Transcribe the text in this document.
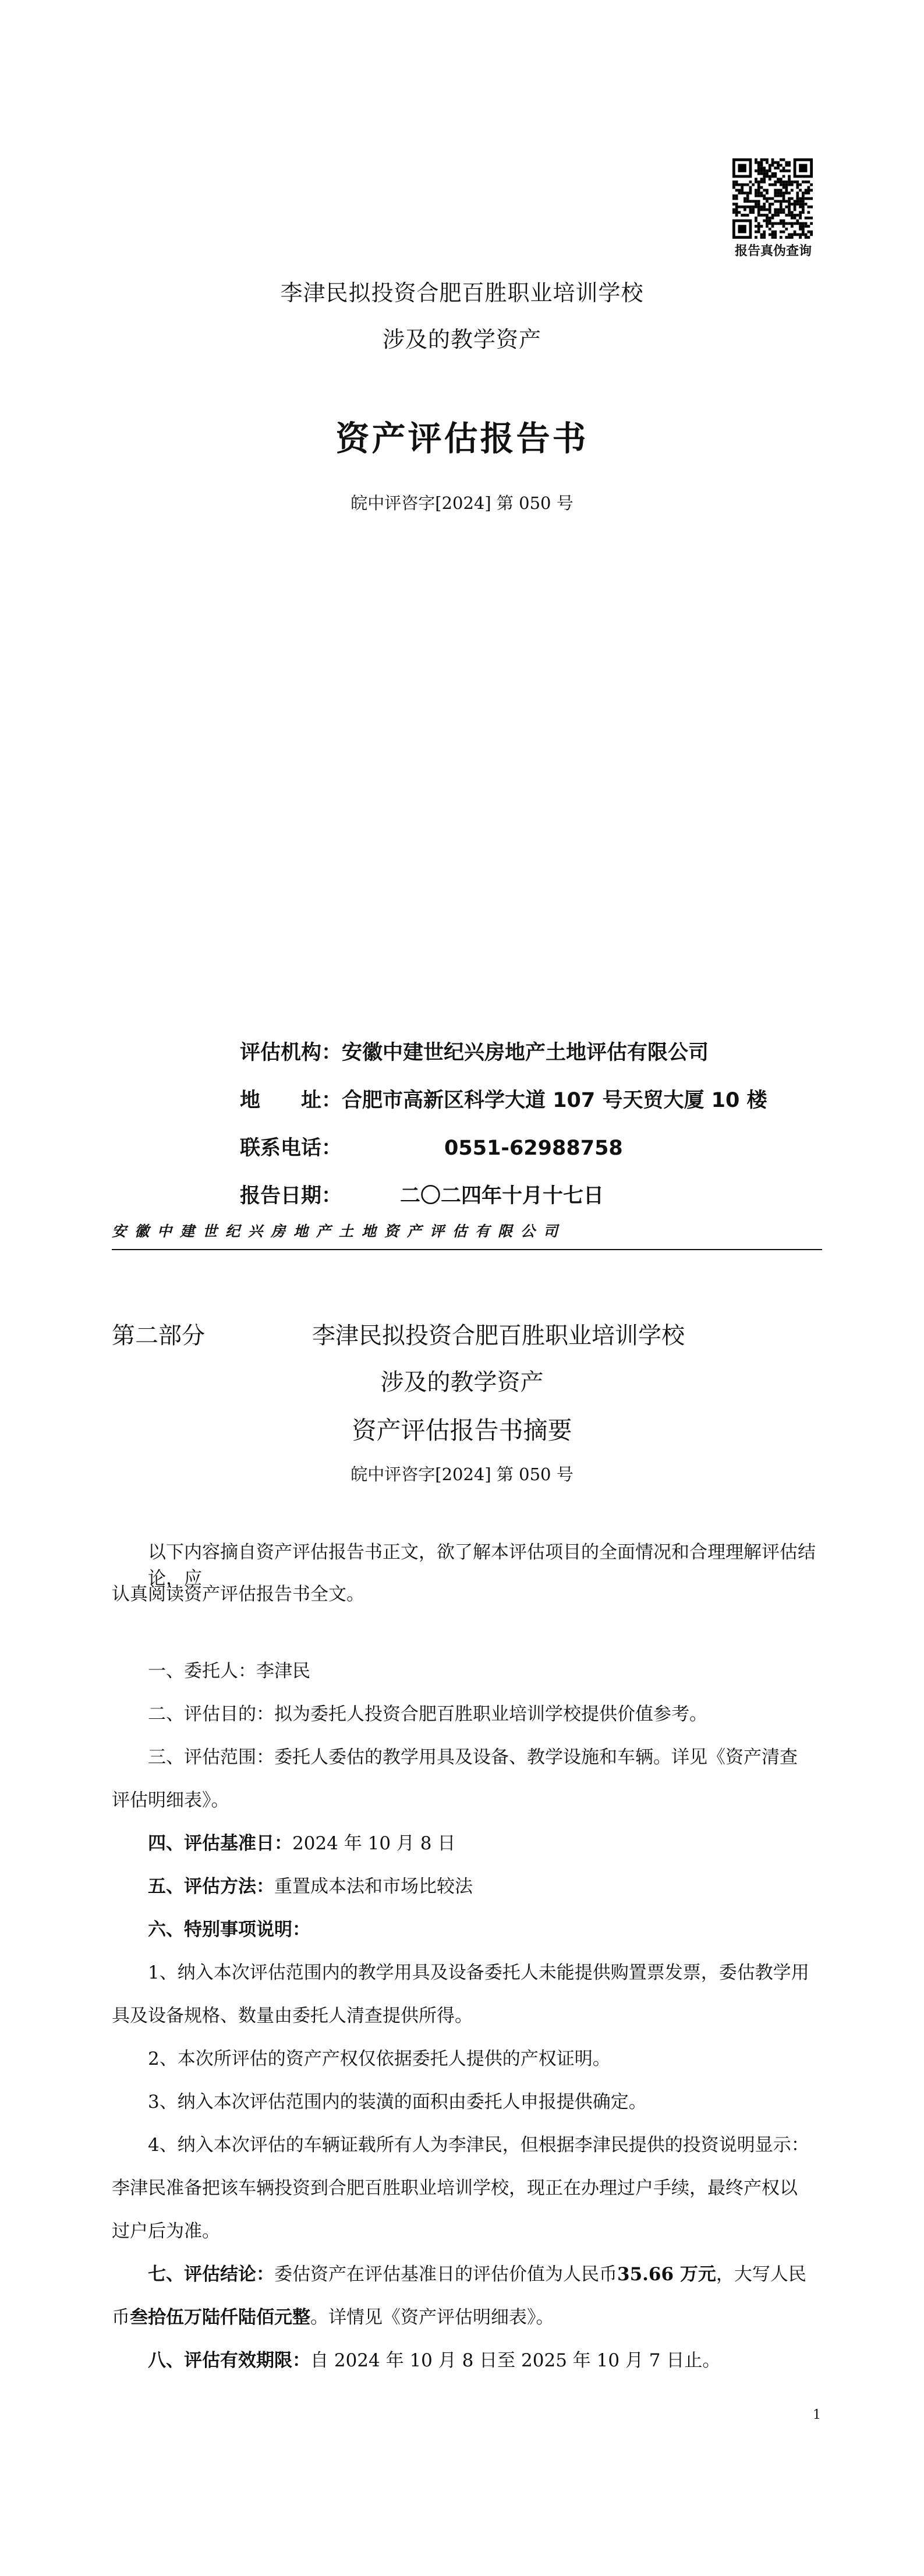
报告真伪查询
李津民拟投资合肥百胜职业培训学校
涉及的教学资产
资产评估报告书
皖中评咨字[2024] 第 050 号
评估机构：安徽中建世纪兴房地产土地评估有限公司
地　　址：合肥市高新区科学大道 107 号天贸大厦 10 楼
联系电话：	0551-62988758
报告日期：	二〇二四年十月十七日
安徽中建世纪兴房地产土地资产评估有限公司
第二部分	李津民拟投资合肥百胜职业培训学校
涉及的教学资产
资产评估报告书摘要
皖中评咨字[2024] 第 050 号
以下内容摘自资产评估报告书正文，欲了解本评估项目的全面情况和合理理解评估结论，应
认真阅读资产评估报告书全文。
一、委托人：李津民
二、评估目的：拟为委托人投资合肥百胜职业培训学校提供价值参考。
三、评估范围：委托人委估的教学用具及设备、教学设施和车辆。详见《资产清查
评估明细表》。
四、评估基准日：2024 年 10 月 8 日
五、评估方法：重置成本法和市场比较法
六、特别事项说明：
1、纳入本次评估范围内的教学用具及设备委托人未能提供购置票发票，委估教学用
具及设备规格、数量由委托人清查提供所得。
2、本次所评估的资产产权仅依据委托人提供的产权证明。
3、纳入本次评估范围内的装潢的面积由委托人申报提供确定。
4、纳入本次评估的车辆证载所有人为李津民，但根据李津民提供的投资说明显示：
李津民准备把该车辆投资到合肥百胜职业培训学校，现正在办理过户手续，最终产权以
过户后为准。
七、评估结论：委估资产在评估基准日的评估价值为人民币35.66 万元，大写人民
币叁拾伍万陆仟陆佰元整。详情见《资产评估明细表》。
八、评估有效期限：自 2024 年 10 月 8 日至 2025 年 10 月 7 日止。
1
